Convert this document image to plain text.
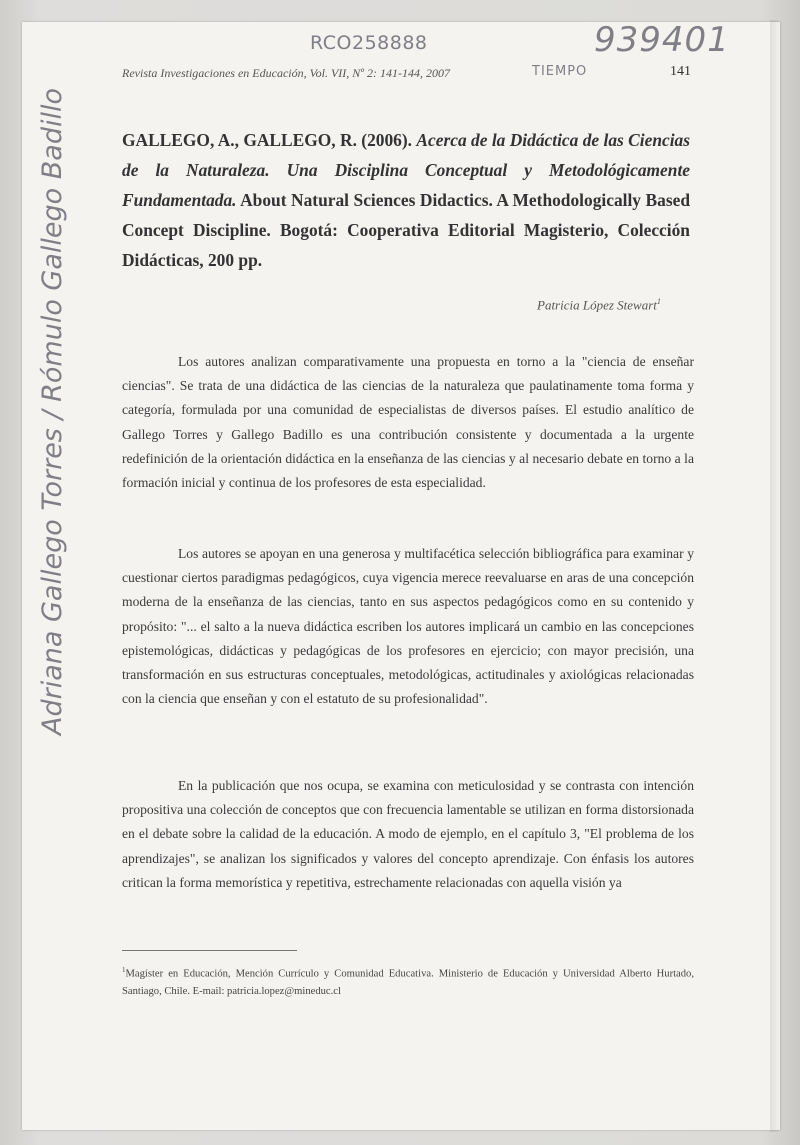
RCO258888	939401
TIEMPO
Adriana Gallego Torres / Rómulo Gallego Badillo
Revista Investigaciones en Educación, Vol. VII, Nº 2: 141-144, 2007	141

GALLEGO, A., GALLEGO, R. (2006). Acerca de la Didáctica de las Ciencias de la Naturaleza. Una Disciplina Conceptual y Metodológicamente Fundamentada. About Natural Sciences Didactics. A Methodologically Based Concept Discipline. Bogotá: Cooperativa Editorial Magisterio, Colección Didácticas, 200 pp.

Patricia López Stewart$^1$

Los autores analizan comparativamente una propuesta en torno a la "ciencia de enseñar ciencias". Se trata de una didáctica de las ciencias de la naturaleza que paulatinamente toma forma y categoría, formulada por una comunidad de especialistas de diversos países. El estudio analítico de Gallego Torres y Gallego Badillo es una contribución consistente y documentada a la urgente redefinición de la orientación didáctica en la enseñanza de las ciencias y al necesario debate en torno a la formación inicial y continua de los profesores de esta especialidad.

Los autores se apoyan en una generosa y multifacética selección bibliográfica para examinar y cuestionar ciertos paradigmas pedagógicos, cuya vigencia merece reevaluarse en aras de una concepción moderna de la enseñanza de las ciencias, tanto en sus aspectos pedagógicos como en su contenido y propósito: "... el salto a la nueva didáctica escriben los autores implicará un cambio en las concepciones epistemológicas, didácticas y pedagógicas de los profesores en ejercicio; con mayor precisión, una transformación en sus estructuras conceptuales, metodológicas, actitudinales y axiológicas relacionadas con la ciencia que enseñan y con el estatuto de su profesionalidad".

En la publicación que nos ocupa, se examina con meticulosidad y se contrasta con intención propositiva una colección de conceptos que con frecuencia lamentable se utilizan en forma distorsionada en el debate sobre la calidad de la educación. A modo de ejemplo, en el capítulo 3, "El problema de los aprendizajes", se analizan los significados y valores del concepto aprendizaje. Con énfasis los autores critican la forma memorística y repetitiva, estrechamente relacionadas con aquella visión ya

$^1$Magíster en Educación, Mención Currículo y Comunidad Educativa. Ministerio de Educación y Universidad Alberto Hurtado, Santiago, Chile. E-mail: patricia.lopez@mineduc.cl
